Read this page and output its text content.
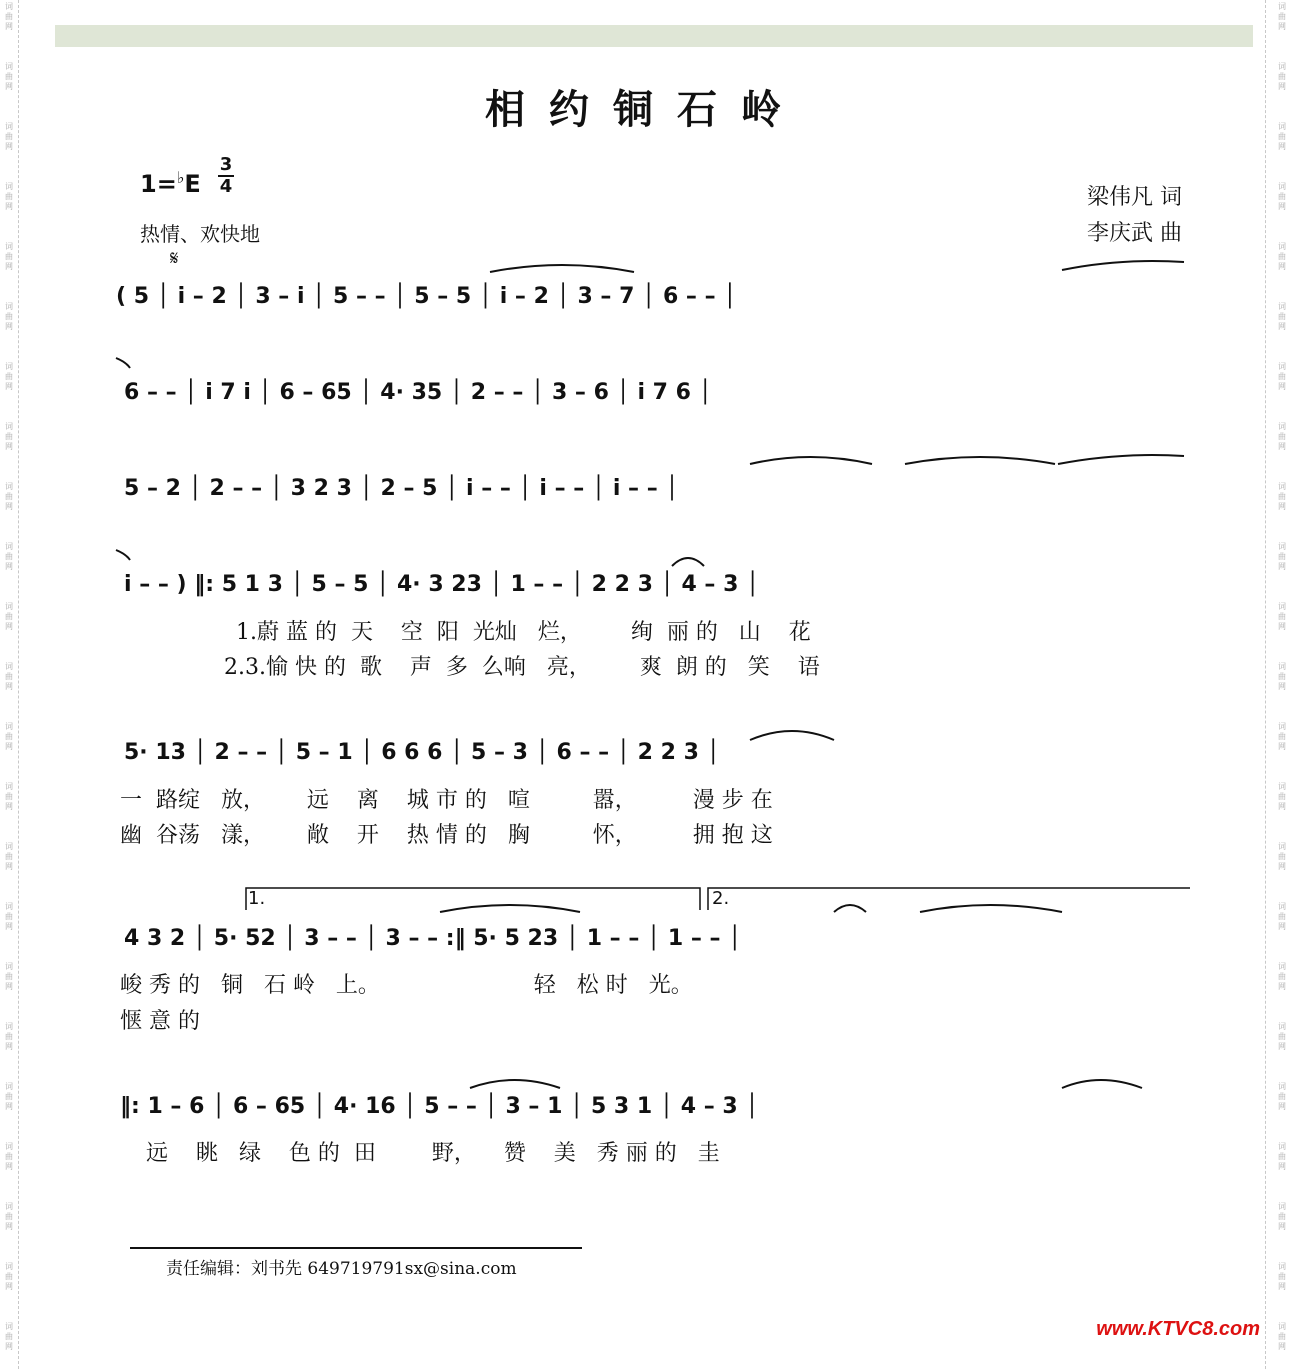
词曲网
词曲网
词曲网
词曲网
词曲网
词曲网
词曲网
词曲网
词曲网
词曲网
词曲网
词曲网
词曲网
词曲网
词曲网
词曲网
词曲网
词曲网
词曲网
词曲网
词曲网
词曲网
词曲网
词曲网
词曲网
词曲网
词曲网
词曲网
词曲网
词曲网
词曲网
词曲网
词曲网
词曲网
词曲网
词曲网
词曲网
词曲网
词曲网
词曲网
词曲网
词曲网
词曲网
词曲网
词曲网
词曲网
相约铜石岭
1=♭E
3
4
热情、欢快地
梁伟凡 词
李庆武 曲
𝄋
( 5 │ i – 2 │ 3 – i │ 5 – – │ 5 – 5 │ i – 2 │ 3 – 7 │ 6 – – │
6 – – │ i 7 i │ 6 – 65 │ 4· 35 │ 2 – – │ 3 – 6 │ i 7 6 │
5 – 2 │ 2 – – │ 3 2 3 │ 2 – 5 │ i – – │ i – – │ i – – │
i – – ) ‖: 5 1 3 │ 5 – 5 │ 4· 3 23 │ 1 – – │ 2 2 3 │ 4 – 3 │
1.蔚 蓝 的  天    空  阳  光灿   烂，       绚  丽 的   山    花
2.3.愉 快 的  歌    声  多  么响   亮，       爽  朗 的   笑    语
5· 13 │ 2 – – │ 5 – 1 │ 6 6 6 │ 5 – 3 │ 6 – – │ 2 2 3 │
一  路绽   放，      远    离    城 市 的   喧         嚣，        漫 步 在
幽  谷荡   漾，      敞    开    热 情 的   胸         怀，        拥 抱 这
1.	2.
4 3 2 │ 5· 52 │ 3 – – │ 3 – – :‖ 5· 5 23 │ 1 – – │ 1 – – │
峻 秀 的   铜   石 岭   上。                      轻   松 时   光。
惬 意 的
‖: 1 – 6 │ 6 – 65 │ 4· 16 │ 5 – – │ 3 – 1 │ 5 3 1 │ 4 – 3 │
远    眺   绿    色 的  田        野，    赞    美   秀 丽 的   圭
责任编辑：刘书先 649719791sx@sina.com
www.KTVC8.com
